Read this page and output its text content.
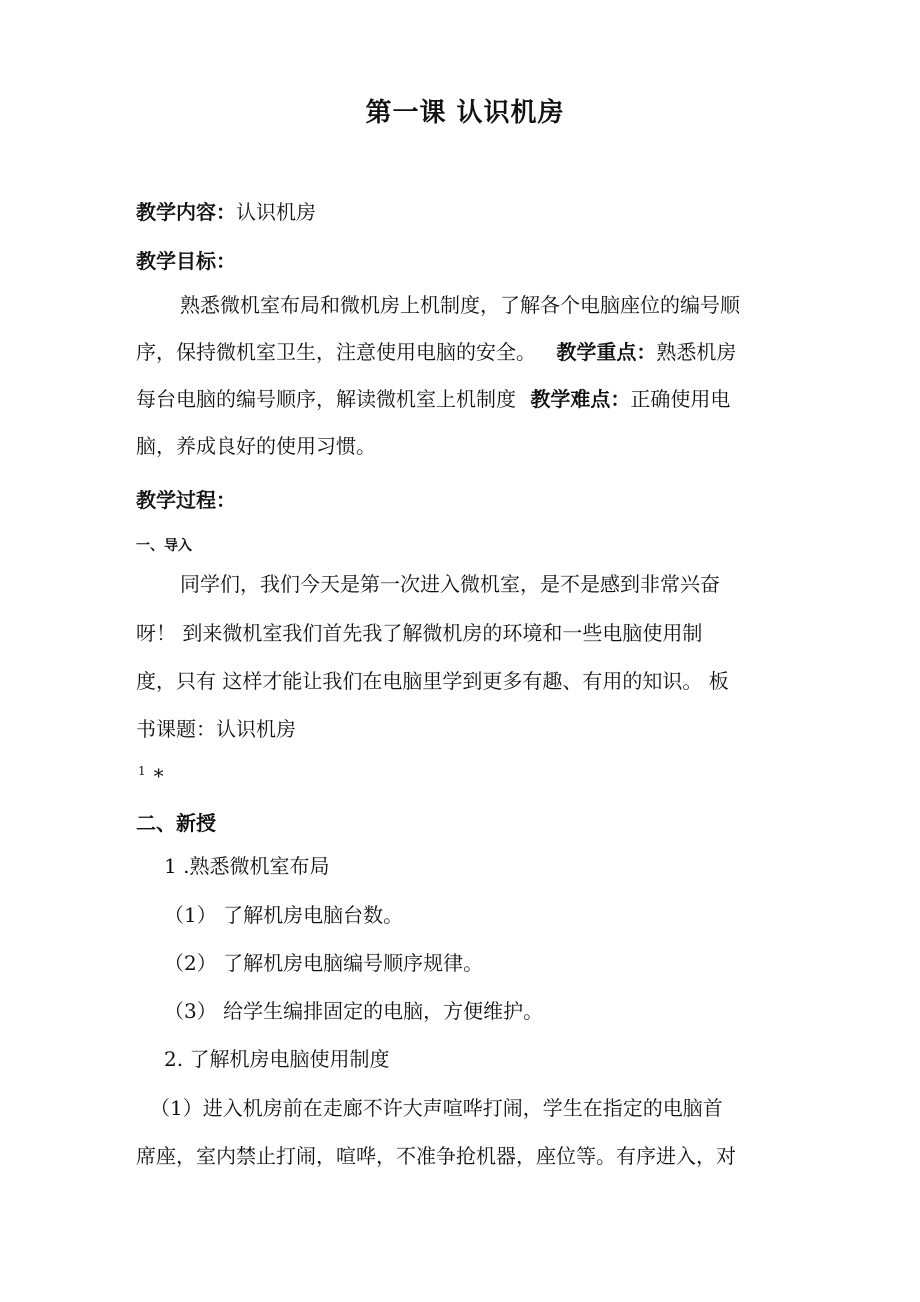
第一课 认识机房
教学内容：认识机房
教学目标：
熟悉微机室布局和微机房上机制度，了解各个电脑座位的编号顺
序，保持微机室卫生，注意使用电脑的安全。 教学重点：熟悉机房
每台电脑的编号顺序，解读微机室上机制度 教学难点：正确使用电
脑，养成良好的使用习惯。
教学过程：
一、导入
同学们，我们今天是第一次进入微机室，是不是感到非常兴奋
呀！ 到来微机室我们首先我了解微机房的环境和一些电脑使用制
度，只有 这样才能让我们在电脑里学到更多有趣、有用的知识。 板
书课题：认识机房
$^1$ *
二、新授
1 .熟悉微机室布局
（1） 了解机房电脑台数。
（2） 了解机房电脑编号顺序规律。
（3） 给学生编排固定的电脑，方便维护。
2. 了解机房电脑使用制度
（1）进入机房前在走廊不许大声喧哗打闹，学生在指定的电脑首
席座，室内禁止打闹，喧哗，不准争抢机器，座位等。有序进入，对
